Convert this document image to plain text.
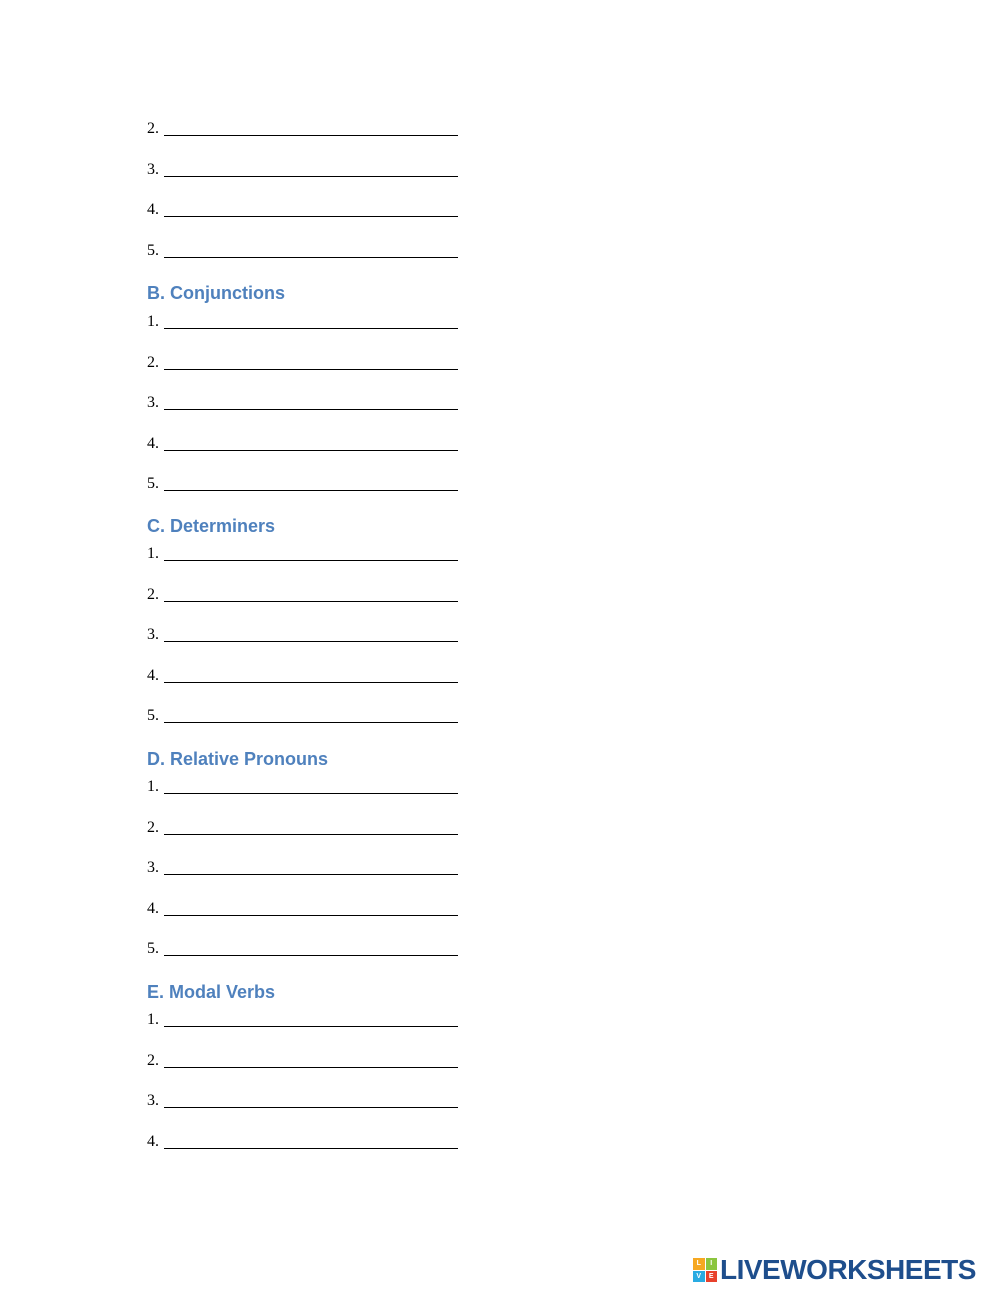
2.
3.
4.
5.
B. Conjunctions
1.
2.
3.
4.
5.
C. Determiners
1.
2.
3.
4.
5.
D. Relative Pronouns
1.
2.
3.
4.
5.
E. Modal Verbs
1.
2.
3.
4.
L	I
V	E LIVEWORKSHEETS
